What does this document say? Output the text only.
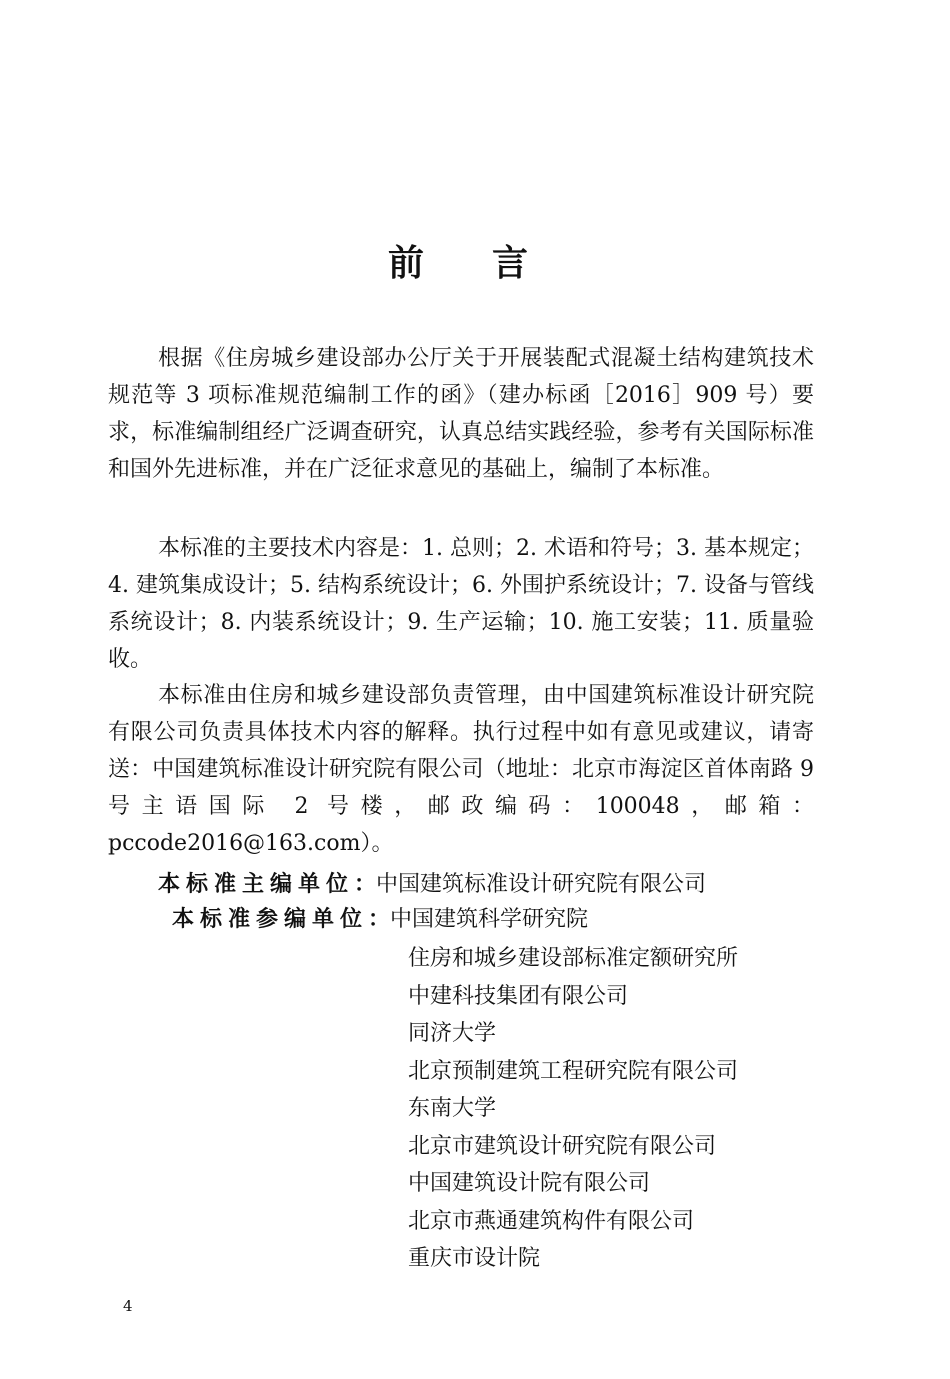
前 言

根据《住房城乡建设部办公厅关于开展装配式混凝土结构建筑技术规范等 3 项标准规范编制工作的函》（建办标函［2016］909 号）要求，标准编制组经广泛调查研究，认真总结实践经验，参考有关国际标准和国外先进标准，并在广泛征求意见的基础上，编制了本标准。

本标准的主要技术内容是：1. 总则；2. 术语和符号；3. 基本规定；4. 建筑集成设计；5. 结构系统设计；6. 外围护系统设计；7. 设备与管线系统设计；8. 内装系统设计；9. 生产运输；10. 施工安装；11. 质量验收。

本标准由住房和城乡建设部负责管理，由中国建筑标准设计研究院有限公司负责具体技术内容的解释。执行过程中如有意见或建议，请寄送：中国建筑标准设计研究院有限公司（地址：北京市海淀区首体南路 9 号主语国际 2 号楼，邮政编码：100048，邮箱：pccode2016@163.com）。

本标准主编单位：中国建筑标准设计研究院有限公司
本标准参编单位：中国建筑科学研究院
住房和城乡建设部标准定额研究所
中建科技集团有限公司
同济大学
北京预制建筑工程研究院有限公司
东南大学
北京市建筑设计研究院有限公司
中国建筑设计院有限公司
北京市燕通建筑构件有限公司
重庆市设计院
4
